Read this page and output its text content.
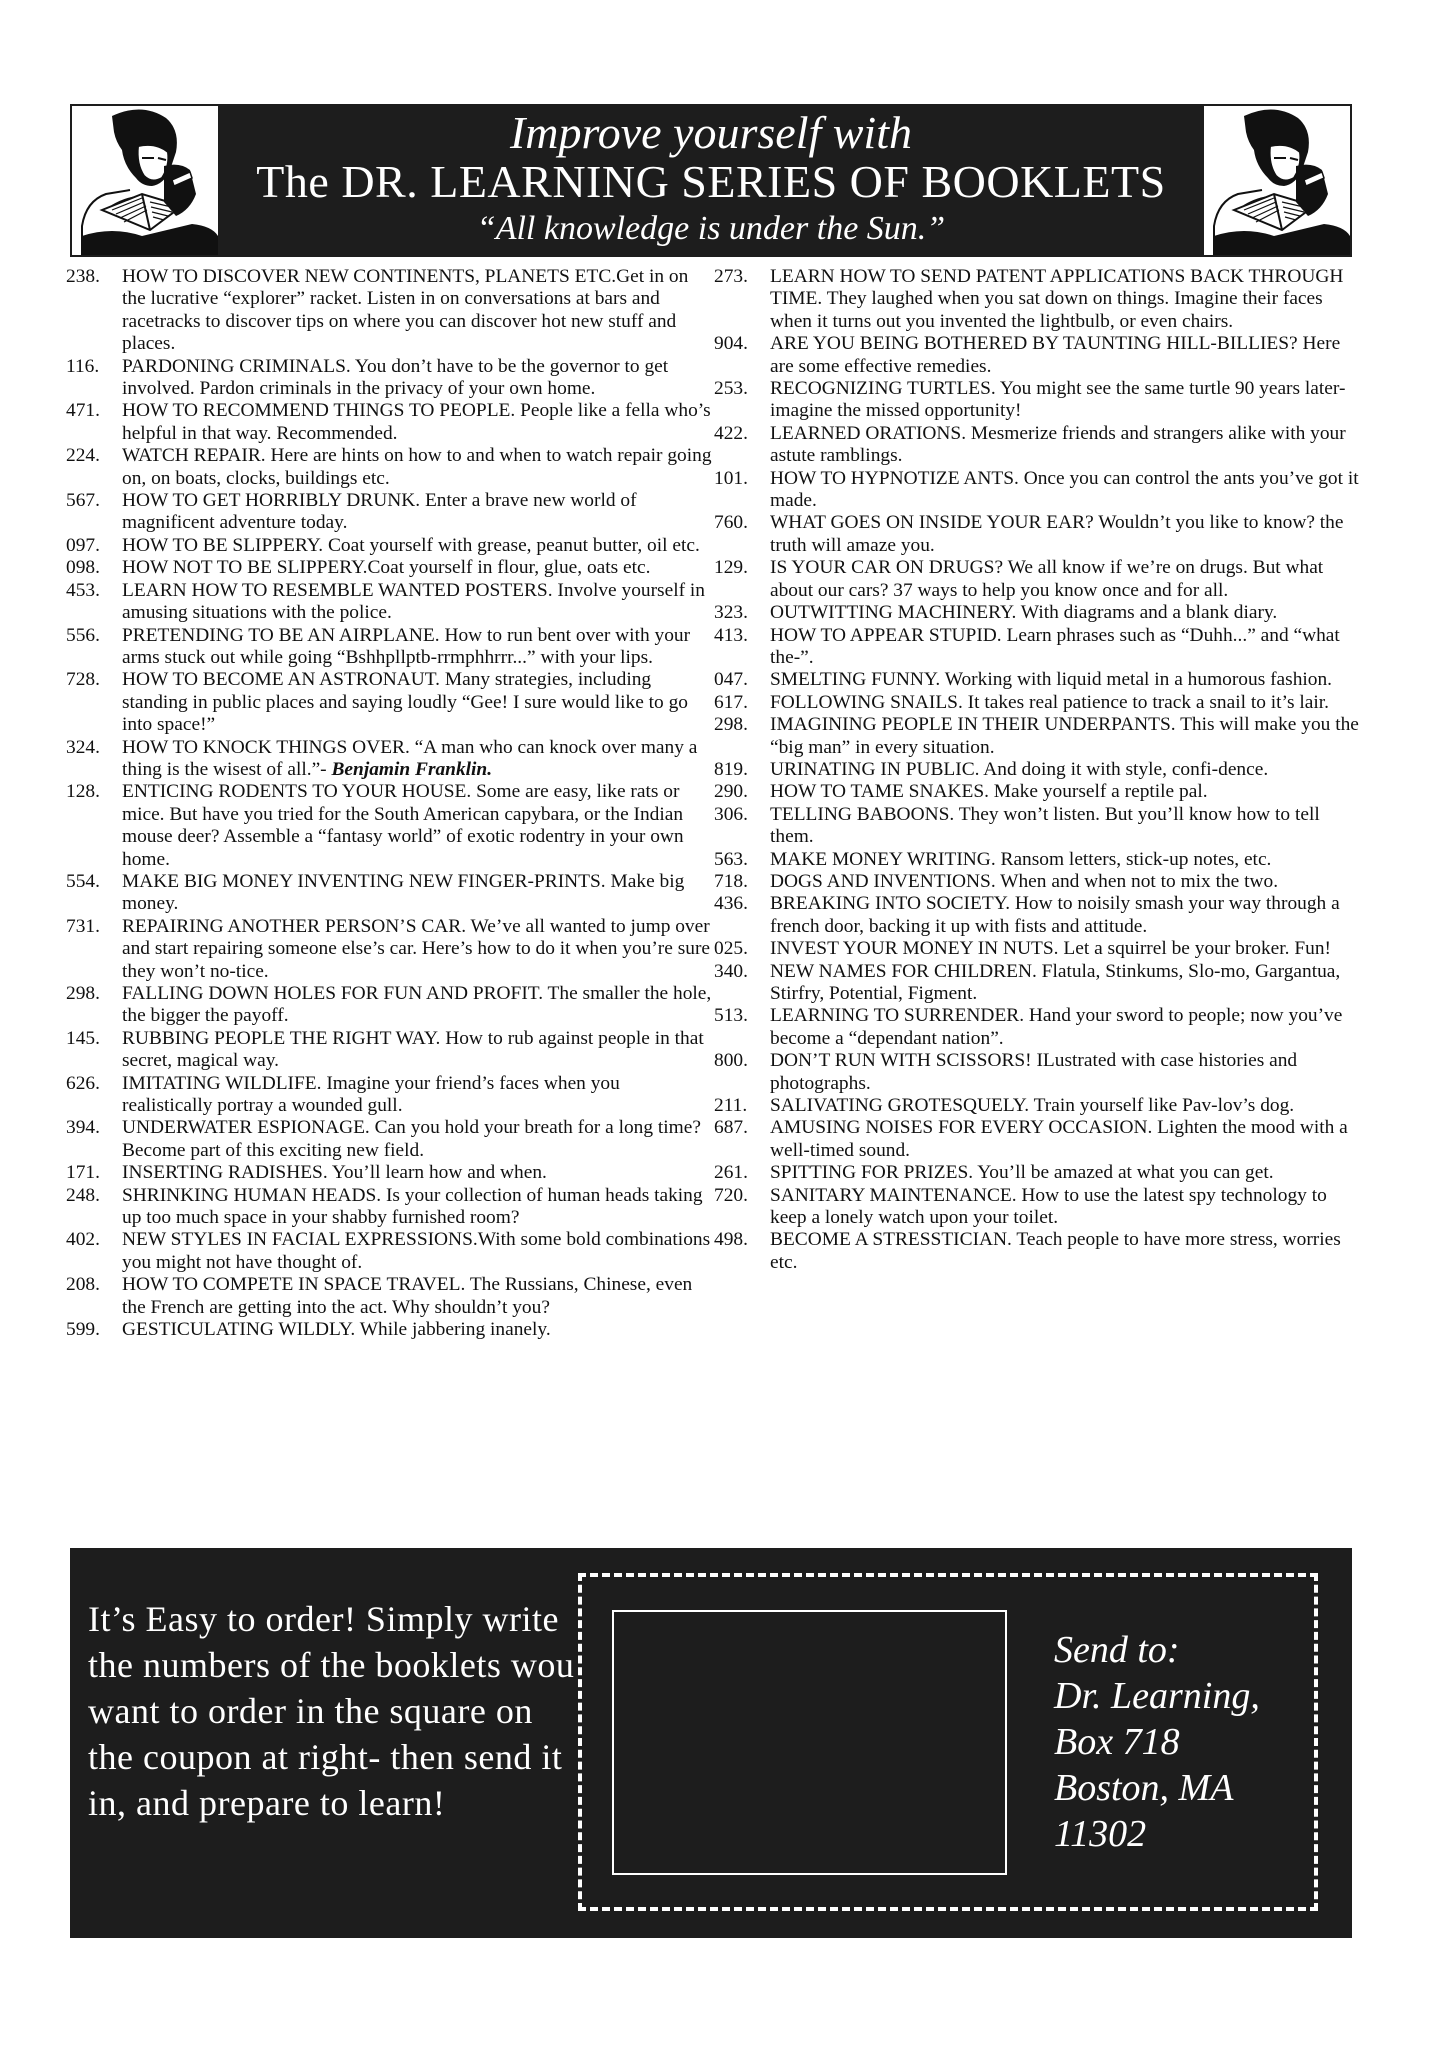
Improve yourself with
The DR. LEARNING SERIES OF BOOKLETS
“All knowledge is under the Sun.”
238. HOW TO DISCOVER NEW CONTINENTS, PLANETS ETC.Get in on the lucrative “explorer” racket. Listen in on conversations at bars and racetracks to discover tips on where you can discover hot new stuff and places.
116. PARDONING CRIMINALS. You don’t have to be the governor to get involved. Pardon criminals in the privacy of your own home.
471. HOW TO RECOMMEND THINGS TO PEOPLE. People like a fella who’s helpful in that way. Recommended.
224. WATCH REPAIR. Here are hints on how to and when to watch repair going on, on boats, clocks, buildings etc.
567. HOW TO GET HORRIBLY DRUNK. Enter a brave new world of magnificent adventure today.
097. HOW TO BE SLIPPERY. Coat yourself with grease, peanut butter, oil etc.
098. HOW NOT TO BE SLIPPERY.Coat yourself in flour, glue, oats etc.
453. LEARN HOW TO RESEMBLE WANTED POSTERS. Involve yourself in amusing situations with the police.
556. PRETENDING TO BE AN AIRPLANE. How to run bent over with your arms stuck out while going “Bshhpllptb-rrmphhrrr...” with your lips.
728. HOW TO BECOME AN ASTRONAUT. Many strategies, including standing in public places and saying loudly “Gee! I sure would like to go into space!”
324. HOW TO KNOCK THINGS OVER. “A man who can knock over many a thing is the wisest of all.”- Benjamin Franklin.
128. ENTICING RODENTS TO YOUR HOUSE. Some are easy, like rats or mice. But have you tried for the South American capybara, or the Indian mouse deer? Assemble a “fantasy world” of exotic rodentry in your own home.
554. MAKE BIG MONEY INVENTING NEW FINGER-PRINTS. Make big money.
731. REPAIRING ANOTHER PERSON’S CAR. We’ve all wanted to jump over and start repairing someone else’s car. Here’s how to do it when you’re sure they won’t no-tice.
298. FALLING DOWN HOLES FOR FUN AND PROFIT. The smaller the hole, the bigger the payoff.
145. RUBBING PEOPLE THE RIGHT WAY. How to rub against people in that secret, magical way.
626. IMITATING WILDLIFE. Imagine your friend’s faces when you realistically portray a wounded gull.
394. UNDERWATER ESPIONAGE. Can you hold your breath for a long time? Become part of this exciting new field.
171. INSERTING RADISHES. You’ll learn how and when.
248. SHRINKING HUMAN HEADS. Is your collection of human heads taking up too much space in your shabby furnished room?
402. NEW STYLES IN FACIAL EXPRESSIONS.With some bold combinations you might not have thought of.
208. HOW TO COMPETE IN SPACE TRAVEL. The Russians, Chinese, even the French are getting into the act. Why shouldn’t you?
599. GESTICULATING WILDLY. While jabbering inanely.
273. LEARN HOW TO SEND PATENT APPLICATIONS BACK THROUGH TIME. They laughed when you sat down on things. Imagine their faces when it turns out you invented the lightbulb, or even chairs.
904. ARE YOU BEING BOTHERED BY TAUNTING HILL-BILLIES? Here are some effective remedies.
253. RECOGNIZING TURTLES. You might see the same turtle 90 years later- imagine the missed opportunity!
422. LEARNED ORATIONS. Mesmerize friends and strangers alike with your astute ramblings.
101. HOW TO HYPNOTIZE ANTS. Once you can control the ants you’ve got it made.
760. WHAT GOES ON INSIDE YOUR EAR? Wouldn’t you like to know? the truth will amaze you.
129. IS YOUR CAR ON DRUGS? We all know if we’re on drugs. But what about our cars? 37 ways to help you know once and for all.
323. OUTWITTING MACHINERY. With diagrams and a blank diary.
413. HOW TO APPEAR STUPID. Learn phrases such as “Duhh...” and “what the-”.
047. SMELTING FUNNY. Working with liquid metal in a humorous fashion.
617. FOLLOWING SNAILS. It takes real patience to track a snail to it’s lair.
298. IMAGINING PEOPLE IN THEIR UNDERPANTS. This will make you the “big man” in every situation.
819. URINATING IN PUBLIC. And doing it with style, confi-dence.
290. HOW TO TAME SNAKES. Make yourself a reptile pal.
306. TELLING BABOONS. They won’t listen. But you’ll know how to tell them.
563. MAKE MONEY WRITING. Ransom letters, stick-up notes, etc.
718. DOGS AND INVENTIONS. When and when not to mix the two.
436. BREAKING INTO SOCIETY. How to noisily smash your way through a french door, backing it up with fists and attitude.
025. INVEST YOUR MONEY IN NUTS. Let a squirrel be your broker. Fun!
340. NEW NAMES FOR CHILDREN. Flatula, Stinkums, Slo-mo, Gargantua, Stirfry, Potential, Figment.
513. LEARNING TO SURRENDER. Hand your sword to people; now you’ve become a “dependant nation”.
800. DON’T RUN WITH SCISSORS! ILustrated with case histories and photographs.
211. SALIVATING GROTESQUELY. Train yourself like Pav-lov’s dog.
687. AMUSING NOISES FOR EVERY OCCASION. Lighten the mood with a well-timed sound.
261. SPITTING FOR PRIZES. You’ll be amazed at what you can get.
720. SANITARY MAINTENANCE. How to use the latest spy technology to keep a lonely watch upon your toilet.
498. BECOME A STRESSTICIAN. Teach people to have more stress, worries etc.
It’s Easy to order! Simply write the numbers of the booklets wou want to order in the square on the coupon at right- then send it in, and prepare to learn!
Send to:
Dr. Learning,
Box 718
Boston, MA
11302
